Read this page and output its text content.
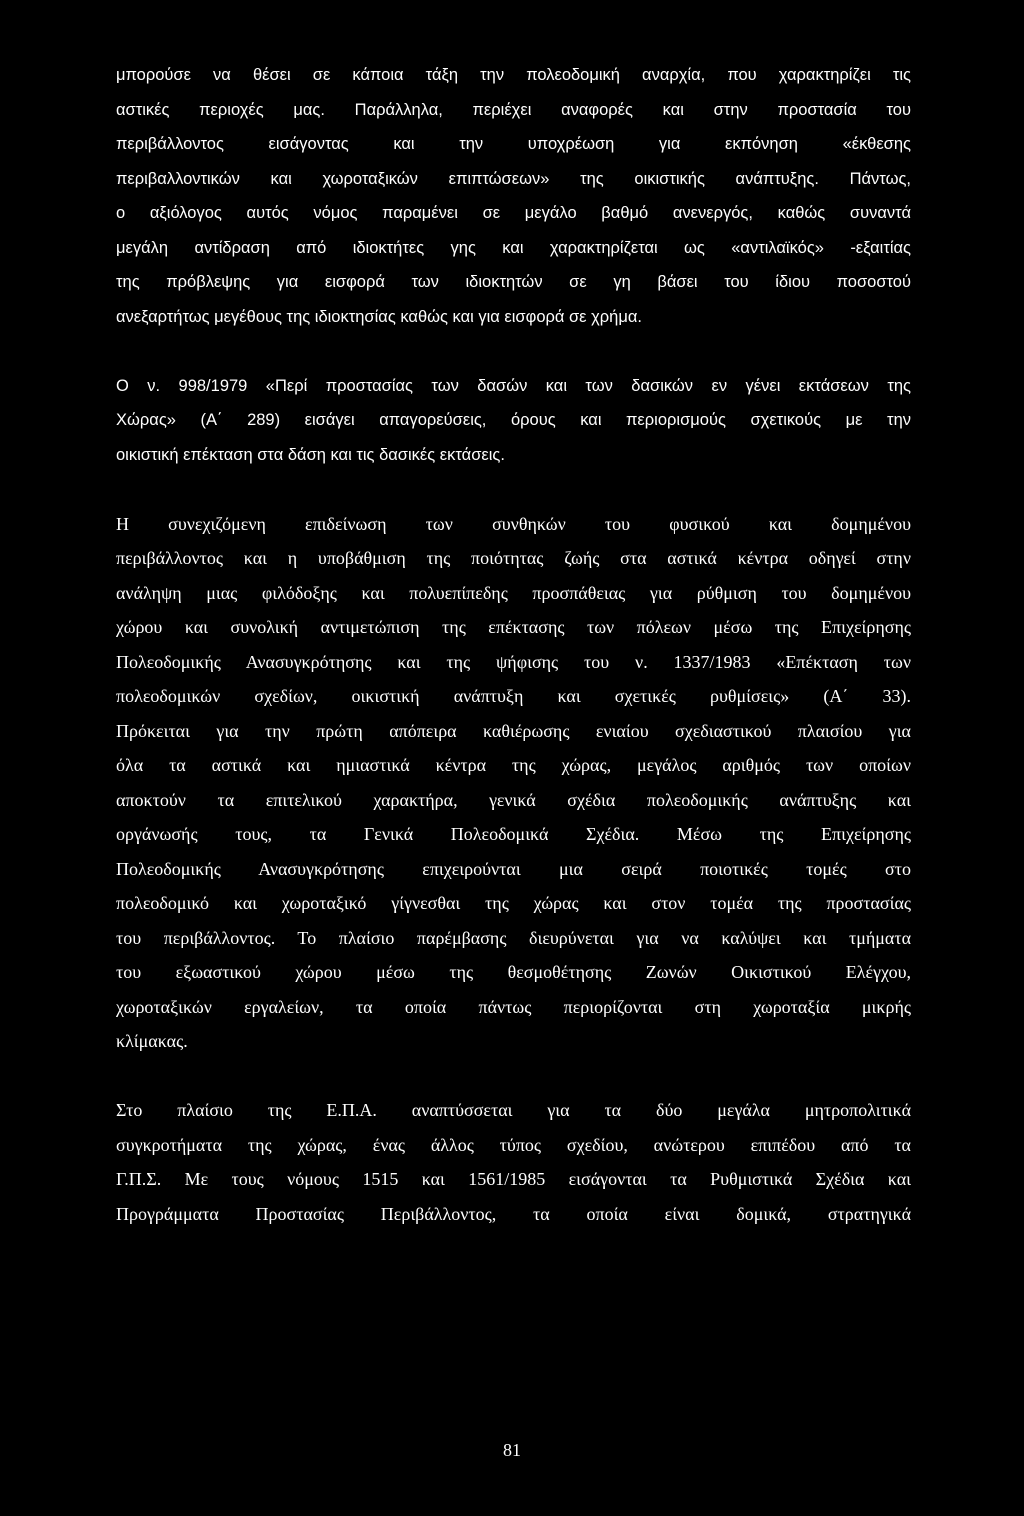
μπορούσε να θέσει σε κάποια τάξη την πολεοδομική αναρχία, που χαρακτηρίζει τις
αστικές περιοχές μας. Παράλληλα, περιέχει αναφορές και στην προστασία του
περιβάλλοντος εισάγοντας και την υποχρέωση για εκπόνηση «έκθεσης
περιβαλλοντικών και χωροταξικών επιπτώσεων» της οικιστικής ανάπτυξης. Πάντως,
ο αξιόλογος αυτός νόμος παραμένει σε μεγάλο βαθμό ανενεργός, καθώς συναντά
μεγάλη αντίδραση από ιδιοκτήτες γης και χαρακτηρίζεται ως «αντιλαϊκός» -εξαιτίας
της πρόβλεψης για εισφορά των ιδιοκτητών σε γη βάσει του ίδιου ποσοστού
ανεξαρτήτως μεγέθους της ιδιοκτησίας καθώς και για εισφορά σε χρήμα.
Ο ν. 998/1979 «Περί προστασίας των δασών και των δασικών εν γένει εκτάσεων της
Χώρας» (Α΄ 289) εισάγει απαγορεύσεις, όρους και περιορισμούς σχετικούς με την
οικιστική επέκταση στα δάση και τις δασικές εκτάσεις.
Η συνεχιζόμενη επιδείνωση των συνθηκών του φυσικού και δομημένου
περιβάλλοντος και η υποβάθμιση της ποιότητας ζωής στα αστικά κέντρα οδηγεί στην
ανάληψη μιας φιλόδοξης και πολυεπίπεδης προσπάθειας για ρύθμιση του δομημένου
χώρου και συνολική αντιμετώπιση της επέκτασης των πόλεων μέσω της Επιχείρησης
Πολεοδομικής Ανασυγκρότησης και της ψήφισης του ν. 1337/1983 «Επέκταση των
πολεοδομικών σχεδίων, οικιστική ανάπτυξη και σχετικές ρυθμίσεις» (Α΄ 33).
Πρόκειται για την πρώτη απόπειρα καθιέρωσης ενιαίου σχεδιαστικού πλαισίου για
όλα τα αστικά και ημιαστικά κέντρα της χώρας, μεγάλος αριθμός των οποίων
αποκτούν τα επιτελικού χαρακτήρα, γενικά σχέδια πολεοδομικής ανάπτυξης και
οργάνωσής τους, τα Γενικά Πολεοδομικά Σχέδια. Μέσω της Επιχείρησης
Πολεοδομικής Ανασυγκρότησης επιχειρούνται μια σειρά ποιοτικές τομές στο
πολεοδομικό και χωροταξικό γίγνεσθαι της χώρας και στον τομέα της προστασίας
του περιβάλλοντος. Το πλαίσιο παρέμβασης διευρύνεται για να καλύψει και τμήματα
του εξωαστικού χώρου μέσω της θεσμοθέτησης Ζωνών Οικιστικού Ελέγχου,
χωροταξικών εργαλείων, τα οποία πάντως περιορίζονται στη χωροταξία μικρής
κλίμακας.
Στο πλαίσιο της Ε.Π.Α. αναπτύσσεται για τα δύο μεγάλα μητροπολιτικά
συγκροτήματα της χώρας, ένας άλλος τύπος σχεδίου, ανώτερου επιπέδου από τα
Γ.Π.Σ. Με τους νόμους 1515 και 1561/1985 εισάγονται τα Ρυθμιστικά Σχέδια και
Προγράμματα Προστασίας Περιβάλλοντος, τα οποία είναι δομικά, στρατηγικά
81
